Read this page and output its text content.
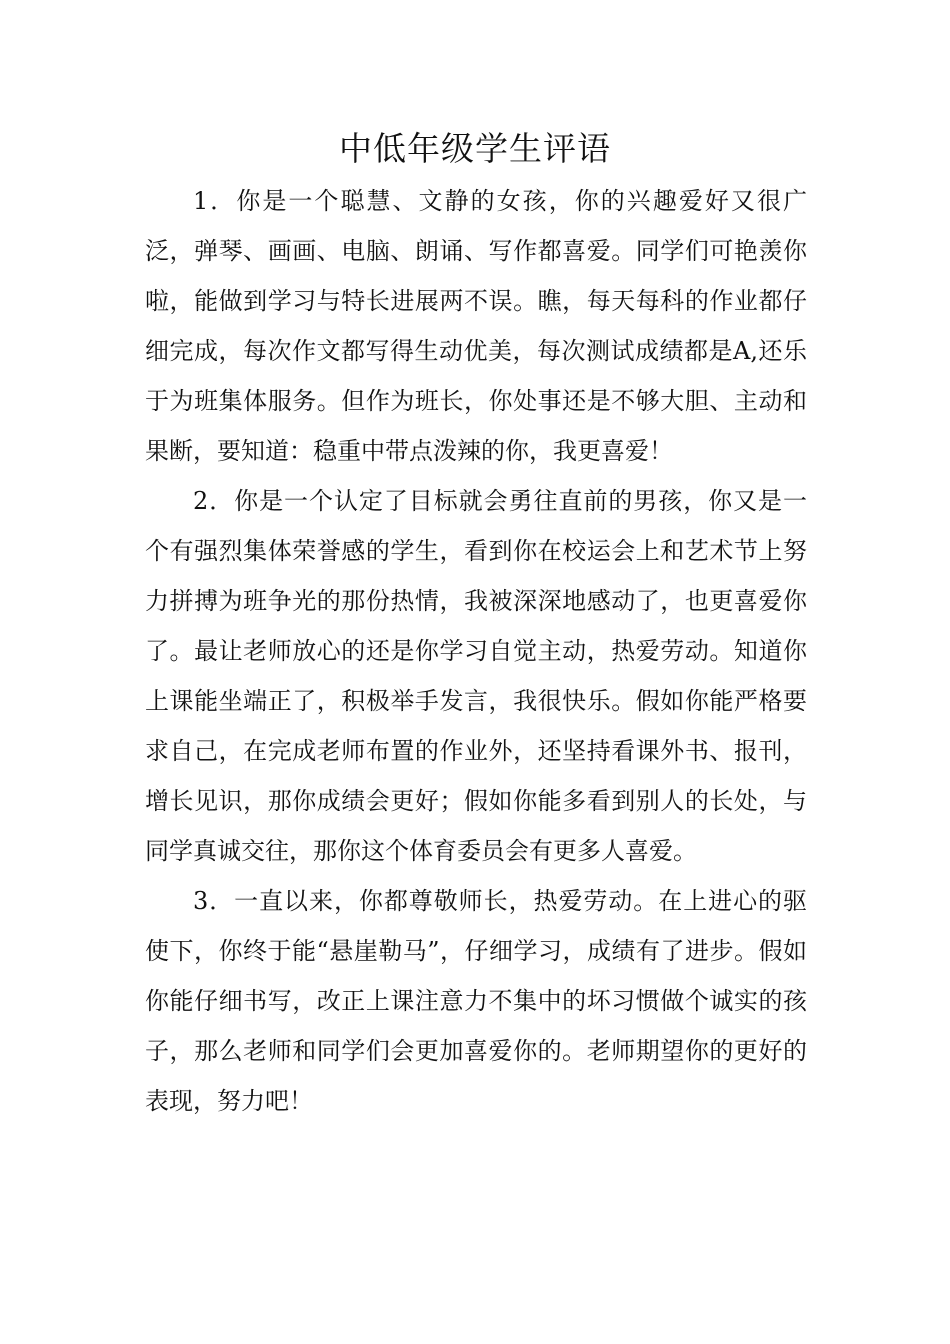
中低年级学生评语

1．你是一个聪慧、文静的女孩，你的兴趣爱好又很广泛，弹琴、画画、电脑、朗诵、写作都喜爱。同学们可艳羡你啦，能做到学习与特长进展两不误。瞧，每天每科的作业都仔细完成，每次作文都写得生动优美，每次测试成绩都是A,还乐于为班集体服务。但作为班长，你处事还是不够大胆、主动和果断，要知道：稳重中带点泼辣的你，我更喜爱！

2．你是一个认定了目标就会勇往直前的男孩，你又是一个有强烈集体荣誉感的学生，看到你在校运会上和艺术节上努力拼搏为班争光的那份热情，我被深深地感动了，也更喜爱你了。最让老师放心的还是你学习自觉主动，热爱劳动。知道你上课能坐端正了，积极举手发言，我很快乐。假如你能严格要求自己，在完成老师布置的作业外，还坚持看课外书、报刊，增长见识，那你成绩会更好；假如你能多看到别人的长处，与同学真诚交往，那你这个体育委员会有更多人喜爱。

3．一直以来，你都尊敬师长，热爱劳动。在上进心的驱使下，你终于能“悬崖勒马”，仔细学习，成绩有了进步。假如你能仔细书写，改正上课注意力不集中的坏习惯做个诚实的孩子，那么老师和同学们会更加喜爱你的。老师期望你的更好的表现，努力吧！
